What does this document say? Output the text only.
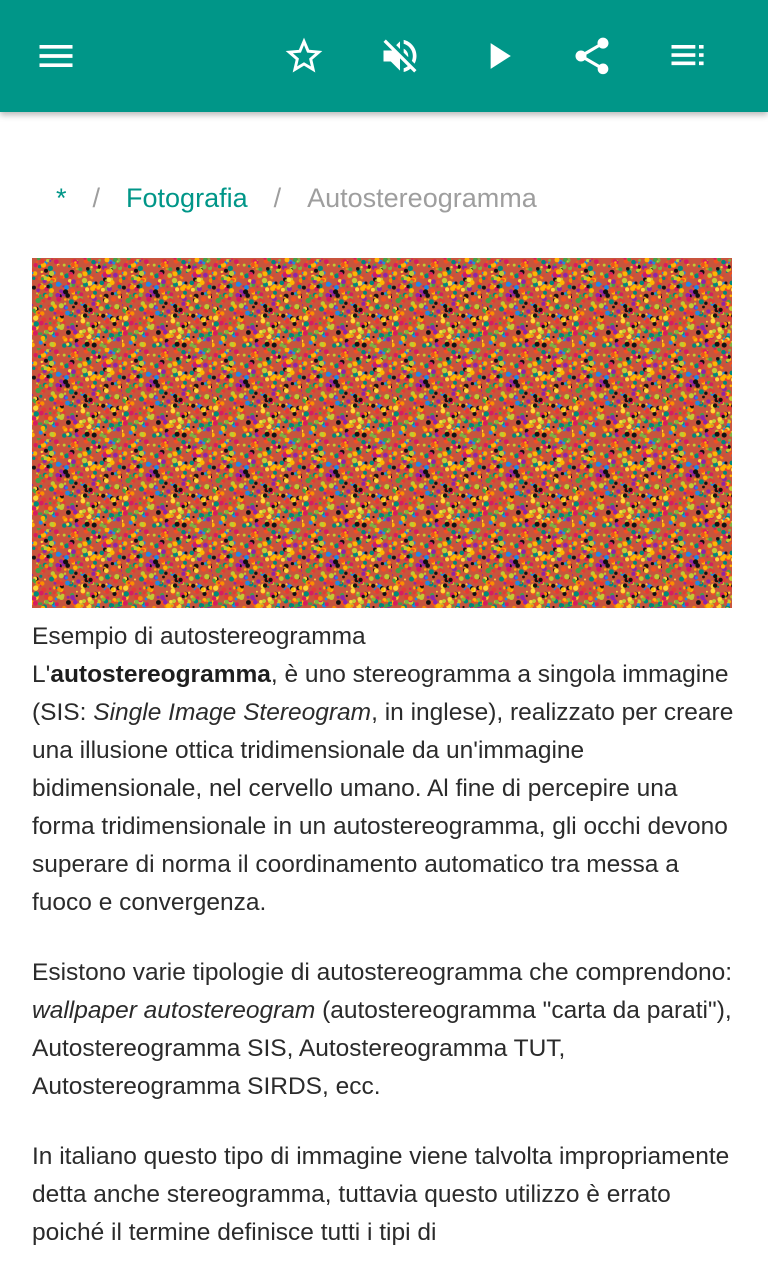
* / Fotografia / Autostereogramma

Esempio di autostereogramma

L'autostereogramma, è uno stereogramma a singola immagine (SIS: Single Image Stereogram, in inglese), realizzato per creare una illusione ottica tridimensionale da un'immagine bidimensionale, nel cervello umano. Al fine di percepire una forma tridimensionale in un autostereogramma, gli occhi devono superare di norma il coordinamento automatico tra messa a fuoco e convergenza.

Esistono varie tipologie di autostereogramma che comprendono: wallpaper autostereogram (autostereogramma "carta da parati"), Autostereogramma SIS, Autostereogramma TUT, Autostereogramma SIRDS, ecc.

In italiano questo tipo di immagine viene talvolta impropriamente detta anche stereogramma, tuttavia questo utilizzo è errato poiché il termine definisce tutti i tipi di
